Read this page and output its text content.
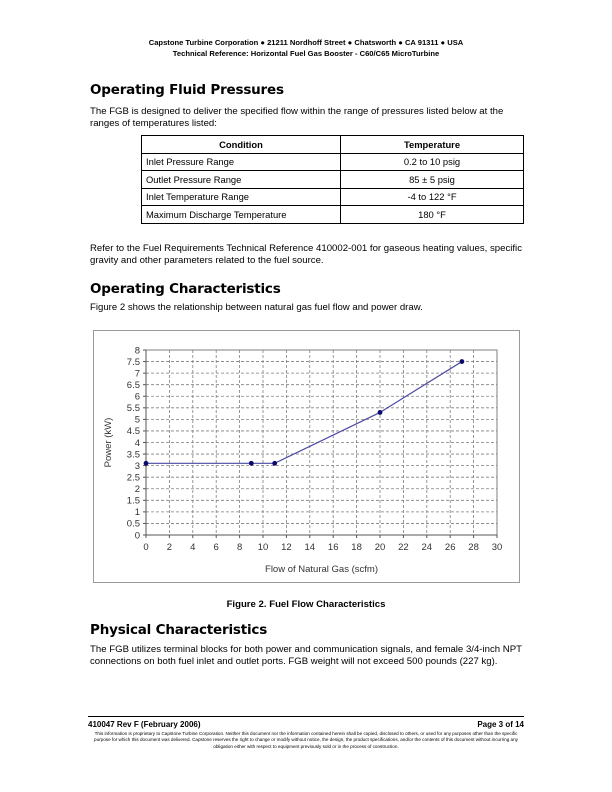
Capstone Turbine Corporation ● 21211 Nordhoff Street ● Chatsworth ● CA 91311 ● USA
Technical Reference: Horizontal Fuel Gas Booster - C60/C65 MicroTurbine
Operating Fluid Pressures
The FGB is designed to deliver the specified flow within the range of pressures listed below at the ranges of temperatures listed:
Condition	Temperature
Inlet Pressure Range	0.2 to 10 psig
Outlet Pressure Range	85 ± 5 psig
Inlet Temperature Range	-4 to 122 °F
Maximum Discharge Temperature	180 °F
Refer to the Fuel Requirements Technical Reference 410002-001 for gaseous heating values, specific gravity and other parameters related to the fuel source.
Operating Characteristics
Figure 2 shows the relationship between natural gas fuel flow and power draw.
0 2 4 6 8 10 12 14 16 18 20 22 24 26 28 30
0
0.5
1
1.5
2
2.5
3
3.5
4
4.5
5
5.5
6
6.5
7
7.5
8
Flow of Natural Gas (scfm)
Power (kW)
Figure 2. Fuel Flow Characteristics
Physical Characteristics
The FGB utilizes terminal blocks for both power and communication signals, and female 3/4-inch NPT connections on both fuel inlet and outlet ports. FGB weight will not exceed 500 pounds (227 kg).
410047 Rev F (February 2006)	Page 3 of 14
This information is proprietary to Capstone Turbine Corporation. Neither this document nor the information contained herein shall be copied, disclosed to others, or used for any purposes other than the specific purpose for which this document was delivered. Capstone reserves the right to change or modify without notice, the design, the product specifications, and/or the contents of this document without incurring any obligation either with respect to equipment previously sold or in the process of construction.
